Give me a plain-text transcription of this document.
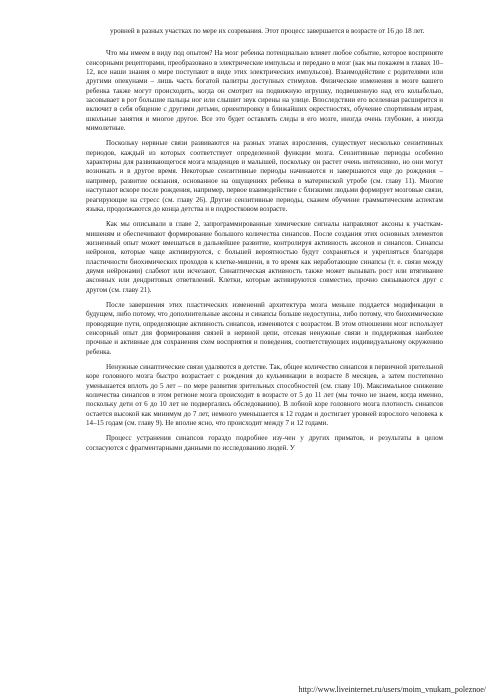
уровней в разных участках по мере их созревания. Этот процесс завершается в возрасте от 16 до 18 лет.

Что мы имеем в виду под опытом? На мозг ребенка потенциально влияет любое событие, которое восприняте сенсорными рецепторами, преобразовано в электрические импульсы и передано в мозг (как мы покажем в главах 10–12, все наши знания о мире поступают в виде этих электрических импульсов). Взаимодействие с родителями или другими опекунами – лишь часть богатой палитры доступных стимулов. Физические изменения в мозге вашего ребенка также могут происходить, когда он смотрит на подвижную игрушку, подвешенную над его колыбелью, засовывает в рот большие пальцы ног или слышит звук сирены на улице. Впоследствии его вселенная расширится и включит в себя общение с другими детьми, ориентировку в ближайших окрестностях, обучение спортивным играм, школьные занятия и многое другое. Все это будет оставлять следы в его мозге, иногда очень глубокие, а иногда мимолетные.

Поскольку нервные связи развиваются на разных этапах взросления, существует несколько сензитивных периодов, каждый из которых соответствует определенной функции мозга. Сензитивные периоды особенно характерны для развивающегося мозга младенцев и малышей, поскольку он растет очень интенсивно, но они могут возникать и в другое время. Некоторые сензитивные периоды начинаются и завершаются еще до рождения – например, развитие осязания, основанное на ощущениях ребенка в материнской утробе (см. главу 11). Многие наступают вскоре после рождения, например, первое взаимодействие с близкими людьми формирует мозговые связи, реагирующие на стресс (см. главу 26). Другие сензитивные периоды, скажем обучение грамматическим аспектам языка, продолжаются до конца детства и в подростковом возрасте.

Как мы описывали в главе 2, запрограммированные химические сигналы направляют аксоны к участкам-мишеням и обеспечивают формирование большого количества синапсов. После создания этих основных элементов жизненный опыт может вмешаться в дальнейшее развитие, контролируя активность аксонов и синапсов. Синапсы нейронов, которые чаще активируются, с большей вероятностью будут сохраняться и укрепляться благодаря пластичности биохимических проходов к клетке-мишени, в то время как неработающие синапсы (т. е. связи между двумя нейронами) слабеют или исчезают. Синаптическая активность также может вызывать рост или втягивание аксонных или дендритовых ответвлений. Клетки, которые активируются совместно, прочно связываются друг с другом (см. главу 21).

После завершения этих пластических изменений архитектура мозга меньше поддается модификации в будущем, либо потому, что дополнительные аксоны и синапсы больше недоступны, либо потому, что биохимические проводящие пути, определяющие активность синапсов, изменяются с возрастом. В этом отношении мозг использует сенсорный опыт для формирования связей в нервной цепи, отсекая ненужные связи и поддерживая наиболее прочные и активные для сохранения схем восприятия и поведения, соответствующих индивидуальному окружению ребенка.

Ненужные синаптические связи удаляются в детстве. Так, общее количество синапсов в первичной зрительной коре головного мозга быстро возрастает с рождения до кульминации в возрасте 8 месяцев, а затем постепенно уменьшается вплоть до 5 лет – по мере развития зрительных способностей (см. главу 10). Максимальное снижение количества синапсов в этом регионе мозга происходит в возрасте от 5 до 11 лет (мы точно не знаем, когда именно, поскольку дети от 6 до 10 лет не подвергались обследованию). В лобной коре головного мозга плотность синапсов остается высокой как минимум до 7 лет, немного уменьшается к 12 годам и достигает уровней взрослого человека к 14–15 годам (см. главу 9). Не вполне ясно, что происходит между 7 и 12 годами.

Процесс устранения синапсов гораздо подробнее изу-чен у других приматов, и результаты в целом согласуются с фрагментарными данными по исследованию людей. У

http://www.liveinternet.ru/users/moim_vnukam_poleznoe/
